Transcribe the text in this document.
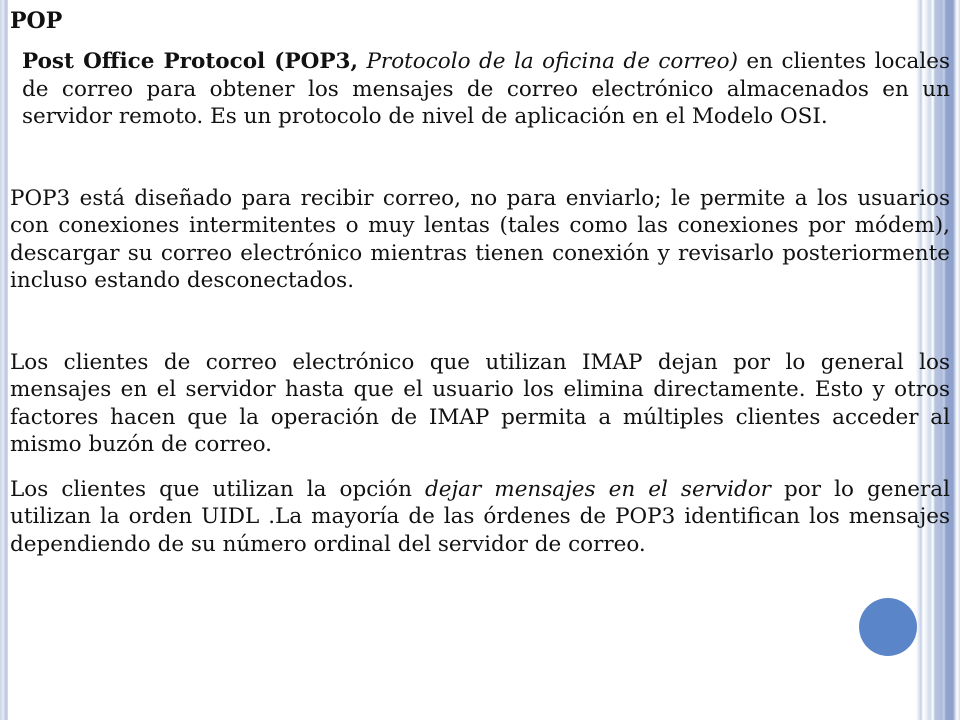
POP

Post Office Protocol (POP3, Protocolo de la oficina de correo) en clientes locales de correo para obtener los mensajes de correo electrónico almacenados en un servidor remoto. Es un protocolo de nivel de aplicación en el Modelo OSI.

POP3 está diseñado para recibir correo, no para enviarlo; le permite a los usuarios con conexiones intermitentes o muy lentas (tales como las conexiones por módem), descargar su correo electrónico mientras tienen conexión y revisarlo posteriormente incluso estando desconectados.

Los clientes de correo electrónico que utilizan IMAP dejan por lo general los mensajes en el servidor hasta que el usuario los elimina directamente. Esto y otros factores hacen que la operación de IMAP permita a múltiples clientes acceder al mismo buzón de correo.

Los clientes que utilizan la opción dejar mensajes en el servidor por lo general utilizan la orden UIDL .La mayoría de las órdenes de POP3 identifican los mensajes dependiendo de su número ordinal del servidor de correo.
